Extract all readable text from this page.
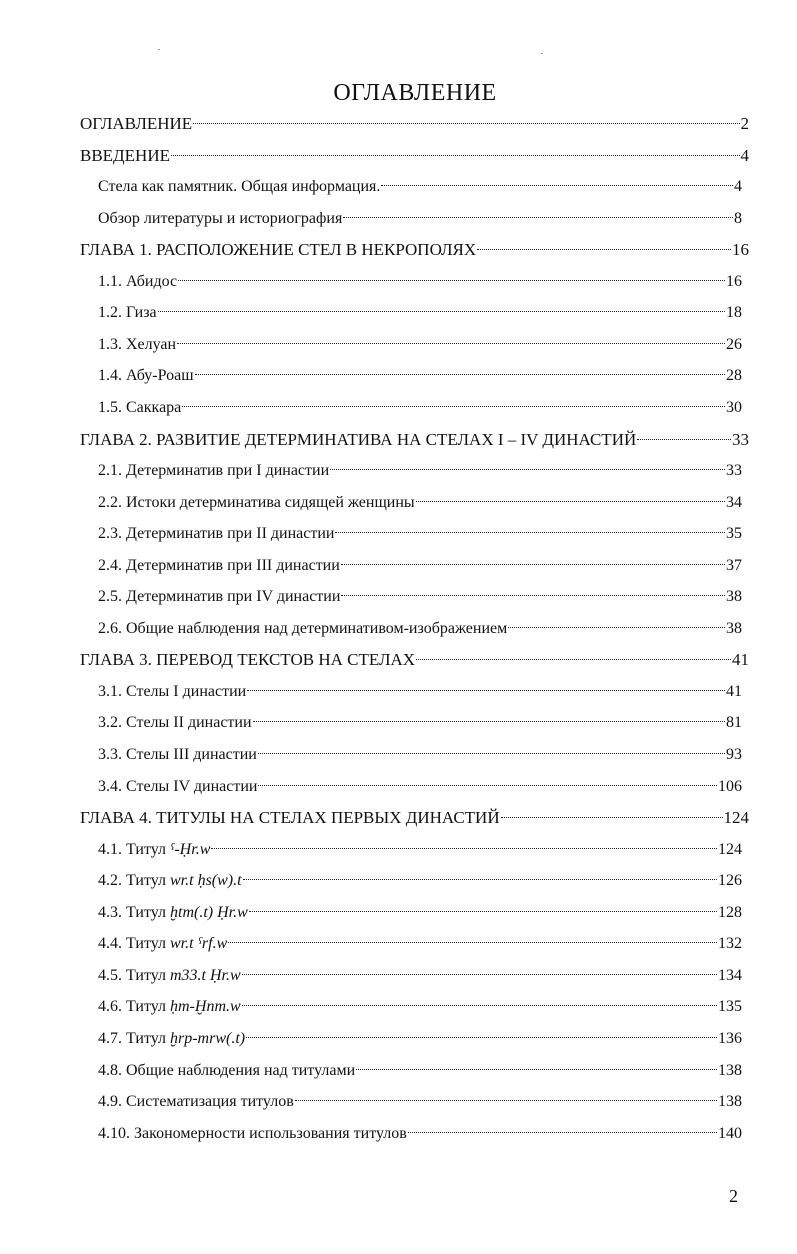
ОГЛАВЛЕНИЕ
ОГЛАВЛЕНИЕ	2
ВВЕДЕНИЕ	4
Стела как памятник. Общая информация.	4
Обзор литературы и историография	8
ГЛАВА 1. РАСПОЛОЖЕНИЕ СТЕЛ В НЕКРОПОЛЯХ	16
1.1. Абидос	16
1.2. Гиза	18
1.3. Хелуан	26
1.4. Абу-Роаш	28
1.5. Саккара	30
ГЛАВА 2. РАЗВИТИЕ ДЕТЕРМИНАТИВА НА СТЕЛАХ I – IV ДИНАСТИЙ	33
2.1. Детерминатив при I династии	33
2.2. Истоки детерминатива сидящей женщины	34
2.3. Детерминатив при II династии	35
2.4. Детерминатив при III династии	37
2.5. Детерминатив при IV династии	38
2.6. Общие наблюдения над детерминативом-изображением	38
ГЛАВА 3. ПЕРЕВОД ТЕКСТОВ НА СТЕЛАХ	41
3.1. Стелы I династии	41
3.2. Стелы II династии	81
3.3. Стелы III династии	93
3.4. Стелы IV династии	106
ГЛАВА 4. ТИТУЛЫ НА СТЕЛАХ ПЕРВЫХ ДИНАСТИЙ	124
4.1. Титул ˁ-Ḥr.w	124
4.2. Титул wr.t ḥs(w).t	126
4.3. Титул ḫtm(.t) Ḥr.w	128
4.4. Титул wr.t ˁrf.w	132
4.5. Титул m33.t Ḥr.w	134
4.6. Титул ḥm-Ḫnm.w	135
4.7. Титул ḫrp-mrw(.t)	136
4.8. Общие наблюдения над титулами	138
4.9. Систематизация титулов	138
4.10. Закономерности использования титулов	140
2
